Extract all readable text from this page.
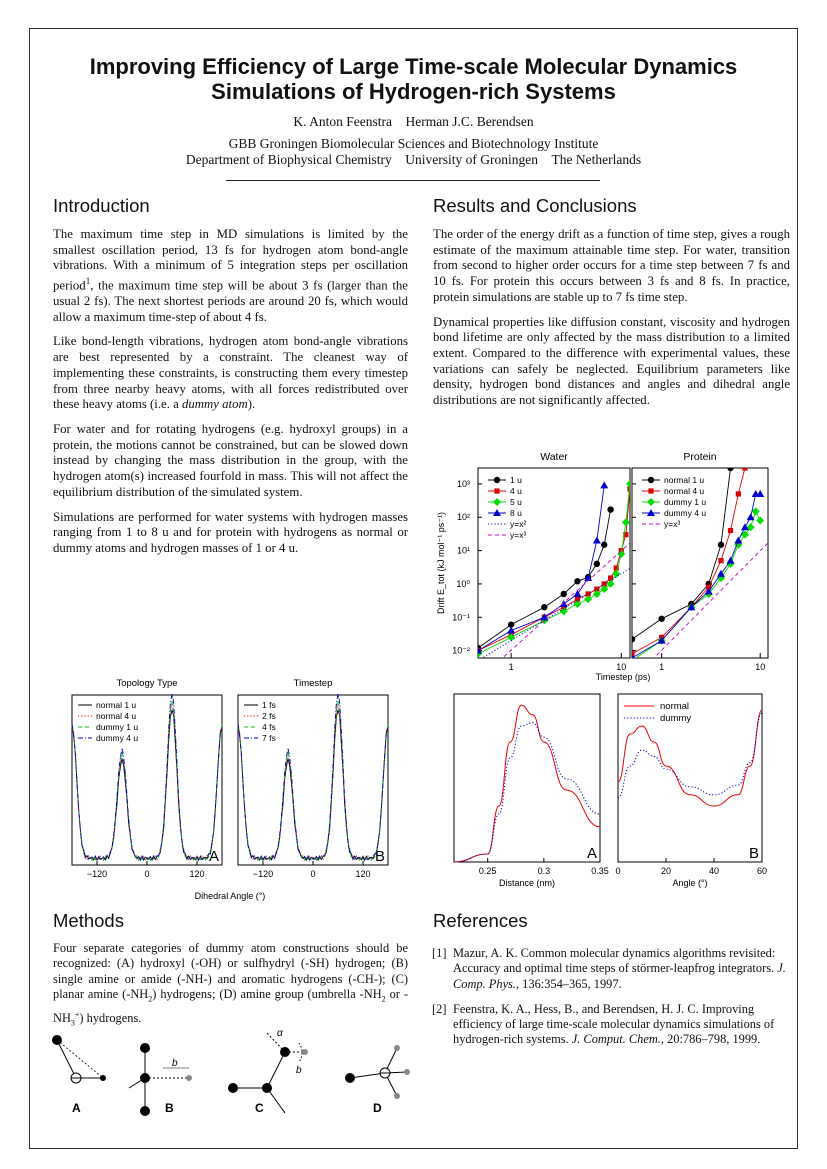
Improving Efficiency of Large Time-scale Molecular Dynamics
Simulations of Hydrogen-rich Systems
K. Anton Feenstra Herman J.C. Berendsen
GBB Groningen Biomolecular Sciences and Biotechnology Institute
Department of Biophysical Chemistry University of Groningen The Netherlands
Introduction

The maximum time step in MD simulations is limited by the smallest oscillation period, 13 fs for hydrogen atom bond-angle vibrations. With a minimum of 5 integration steps per oscillation period$^1$, the maximum time step will be about 3 fs (larger than the usual 2 fs). The next shortest periods are around 20 fs, which would allow a maximum time-step of about 4 fs.

Like bond-length vibrations, hydrogen atom bond-angle vibrations are best represented by a constraint. The cleanest way of implementing these constraints, is constructing them every timestep from three nearby heavy atoms, with all forces redistributed over these heavy atoms (i.e. a dummy atom).

For water and for rotating hydrogens (e.g. hydroxyl groups) in a protein, the motions cannot be constrained, but can be slowed down instead by changing the mass distribution in the group, with the hydrogen atom(s) increased fourfold in mass. This will not affect the equilibrium distribution of the simulated system.

Simulations are performed for water systems with hydrogen masses ranging from 1 to 8 u and for protein with hydrogens as normal or dummy atoms and hydrogen masses of 1 or 4 u.

Results and Conclusions

The order of the energy drift as a function of time step, gives a rough estimate of the maximum attainable time step. For water, transition from second to higher order occurs for a time step between 7 fs and 10 fs. For protein this occurs between 3 fs and 8 fs. In practice, protein simulations are stable up to 7 fs time step.

Dynamical properties like diffusion constant, viscosity and hydrogen bond lifetime are only affected by the mass distribution to a limited extent. Compared to the difference with experimental values, these variations can safely be neglected. Equilibrium parameters like density, hydrogen bond distances and angles and dihedral angle distributions are not significantly affected.

Drift E_tot (kJ mol⁻¹ ps⁻¹)
10⁻²
10⁻¹
10⁰
10¹
10²
10³
Water
1	10
1 u
4 u
5 u
8 u
y=x²
y=x³
Protein
1	10
normal 1 u
normal 4 u
dummy 1 u
dummy 4 u
y=x³
Timestep (ps)
Topology Type
−120	0	120
A
normal 1 u
normal 4 u
dummy 1 u
dummy 4 u
Timestep
−120	0	120
B
1 fs
2 fs
4 fs
7 fs
Dihedral Angle (°)
0.25	0.3	0.35
A
Distance (nm)
0	20	40	60
B
Angle (°)
normal
dummy
Methods

Four separate categories of dummy atom constructions should be recognized: (A) hydroxyl (-OH) or sulfhydryl (-SH) hydrogen; (B) single amine or amide (-NH-) and aromatic hydrogens (-CH-); (C) planar amine $(-NH_2)$ hydrogens; (D) amine group (umbrella $-NH_2$ or $-NH_3^+$) hydrogens.

A
b
B
α
b
C	D
References
[1] Mazur, A. K. Common molecular dynamics algorithms revisited: Accuracy and optimal time steps of störmer-leapfrog integrators. J. Comp. Phys., 136:354–365, 1997.
[2] Feenstra, K. A., Hess, B., and Berendsen, H. J. C. Improving efficiency of large time-scale molecular dynamics simulations of hydrogen-rich systems. J. Comput. Chem., 20:786–798, 1999.
